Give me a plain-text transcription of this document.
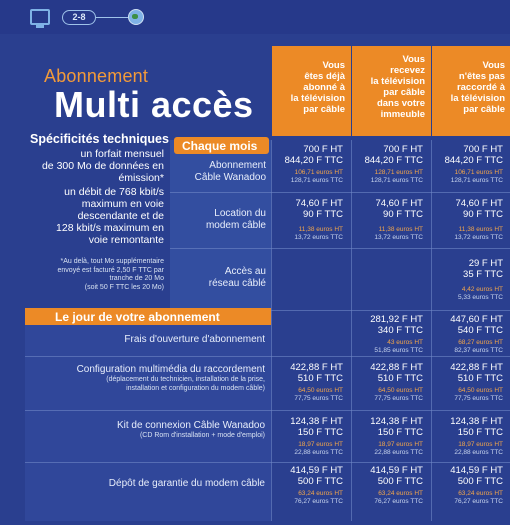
2-8
Abonnement
Multi accès
Spécificités techniques
un forfait mensuel
de 300 Mo de données en
émission*
un débit de 768 kbit/s
maximum en voie
descendante et de
128 kbit/s maximum en
voie remontante
*Au delà, tout Mo supplémentaire
envoyé est facturé 2,50 F TTC par
tranche de 20 Mo
(soit 50 F TTC les 20 Mo)
Vous
êtes déjà
abonné à
la télévision
par câble
Vous
recevez
la télévision
par câble
dans votre
immeuble
Vous
n'êtes pas
raccordé à
la télévision
par câble
Chaque mois
Abonnement
Câble Wanadoo
700 F HT
844,20 F TTC
106,71 euros HT
128,71 euros TTC
700 F HT
844,20 F TTC
128,71 euros HT
128,71 euros TTC
700 F HT
844,20 F TTC
106,71 euros HT
128,71 euros TTC
Location du
modem câble
74,60 F HT
90 F TTC
11,38 euros HT
13,72 euros TTC
74,60 F HT
90 F TTC
11,38 euros HT
13,72 euros TTC
74,60 F HT
90 F TTC
11,38 euros HT
13,72 euros TTC
Accès au
réseau câblé
29 F HT
35 F TTC
4,42 euros HT
5,33 euros TTC
Le jour de votre abonnement
Frais d'ouverture d'abonnement
281,92 F HT
340 F TTC
43 euros HT
51,85 euros TTC
447,60 F HT
540 F TTC
68,27 euros HT
82,37 euros TTC
Configuration multimédia du raccordement
(déplacement du technicien, installation de la prise,
installation et configuration du modem câble)
422,88 F HT
510 F TTC
64,50 euros HT
77,75 euros TTC
422,88 F HT
510 F TTC
64,50 euros HT
77,75 euros TTC
422,88 F HT
510 F TTC
64,50 euros HT
77,75 euros TTC
Kit de connexion Câble Wanadoo
(CD Rom d'installation + mode d'emploi)
124,38 F HT
150 F TTC
18,97 euros HT
22,88 euros TTC
124,38 F HT
150 F TTC
18,97 euros HT
22,88 euros TTC
124,38 F HT
150 F TTC
18,97 euros HT
22,88 euros TTC
Dépôt de garantie du modem câble
414,59 F HT
500 F TTC
63,24 euros HT
76,27 euros TTC
414,59 F HT
500 F TTC
63,24 euros HT
76,27 euros TTC
414,59 F HT
500 F TTC
63,24 euros HT
76,27 euros TTC
